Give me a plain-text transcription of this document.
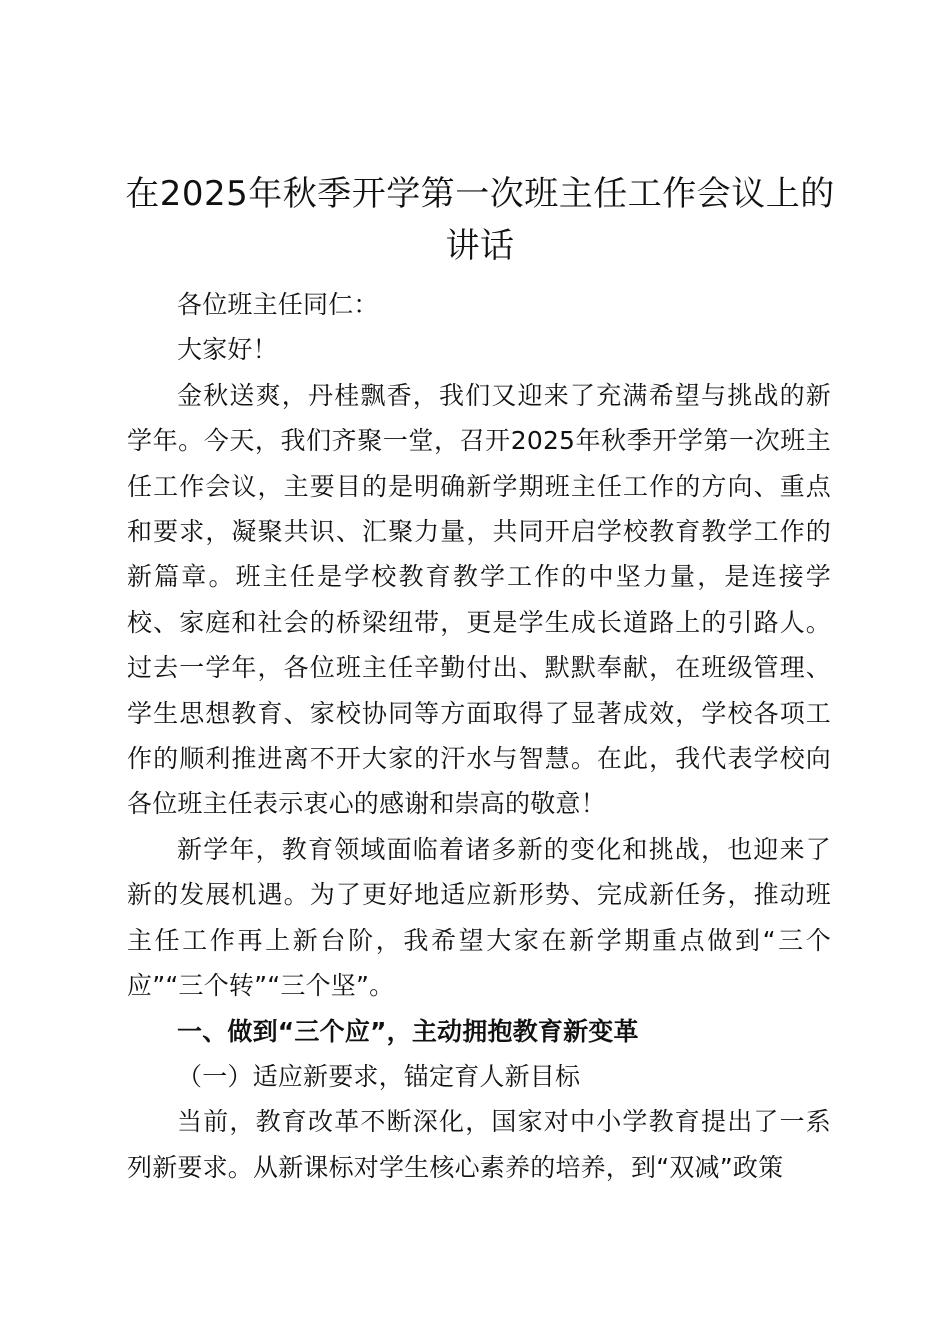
在2025年秋季开学第一次班主任工作会议上的讲话

各位班主任同仁：

大家好！

金秋送爽，丹桂飘香，我们又迎来了充满希望与挑战的新学年。今天，我们齐聚一堂，召开2025年秋季开学第一次班主任工作会议，主要目的是明确新学期班主任工作的方向、重点和要求，凝聚共识、汇聚力量，共同开启学校教育教学工作的新篇章。班主任是学校教育教学工作的中坚力量，是连接学校、家庭和社会的桥梁纽带，更是学生成长道路上的引路人。过去一学年，各位班主任辛勤付出、默默奉献，在班级管理、学生思想教育、家校协同等方面取得了显著成效，学校各项工作的顺利推进离不开大家的汗水与智慧。在此，我代表学校向各位班主任表示衷心的感谢和崇高的敬意！

新学年，教育领域面临着诸多新的变化和挑战，也迎来了新的发展机遇。为了更好地适应新形势、完成新任务，推动班主任工作再上新台阶，我希望大家在新学期重点做到“三个应”“三个转”“三个坚”。

一、做到“三个应”，主动拥抱教育新变革

（一）适应新要求，锚定育人新目标

当前，教育改革不断深化，国家对中小学教育提出了一系列新要求。从新课标对学生核心素养的培养，到“双减”政策
